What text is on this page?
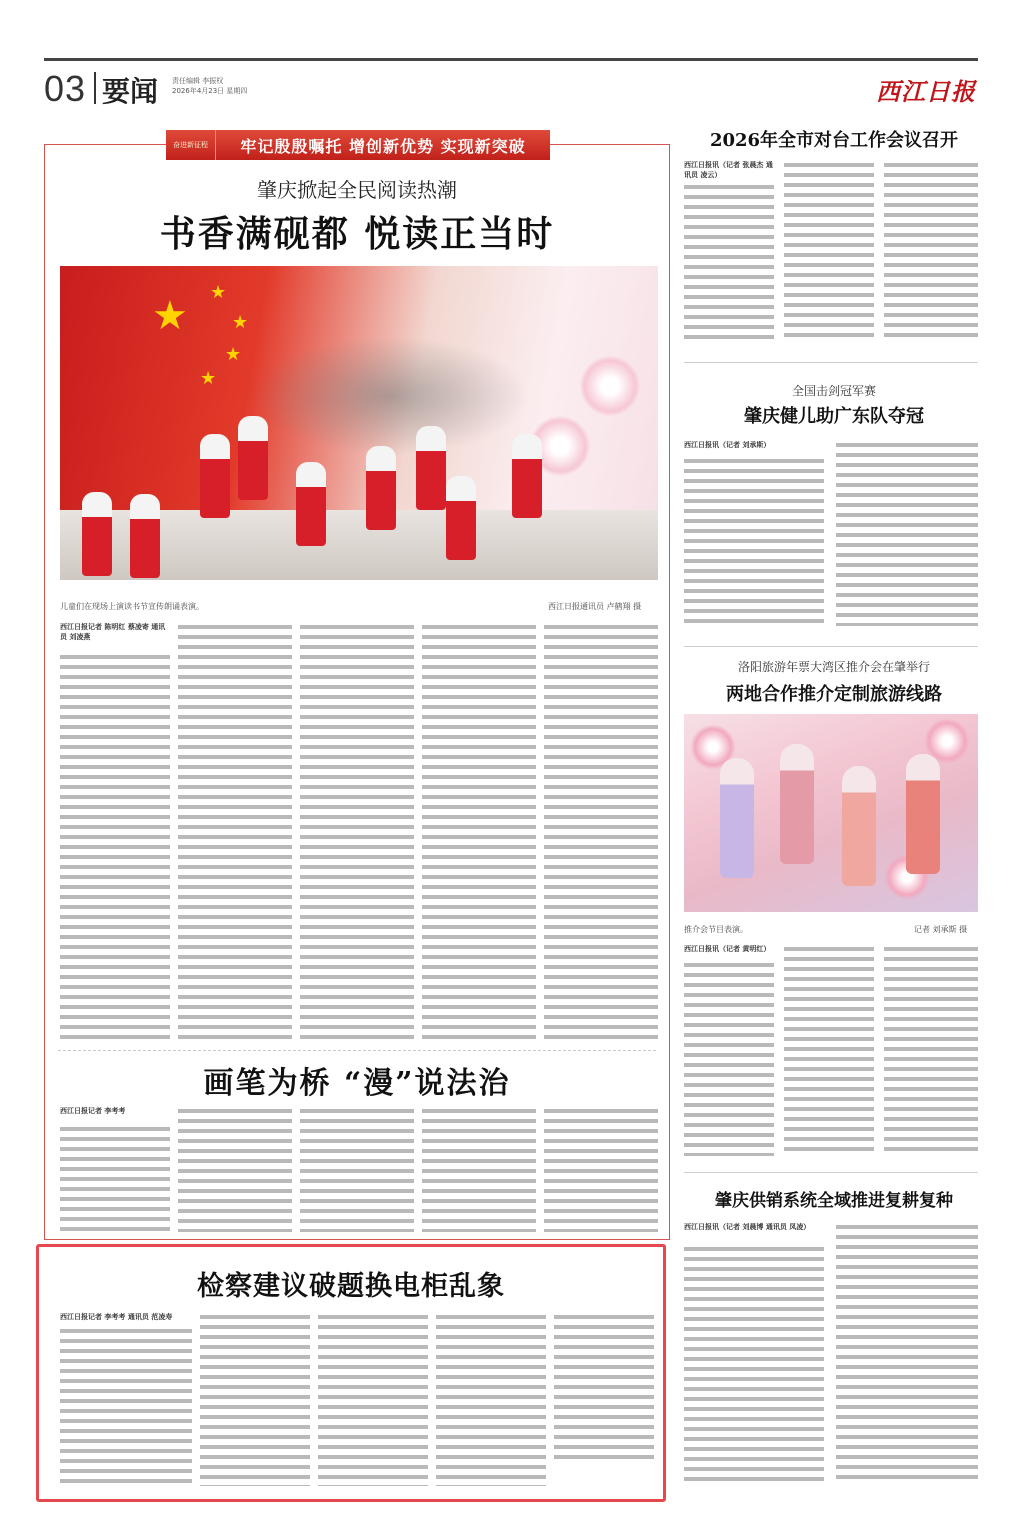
03 要闻 责任编辑 李振权
2026年4月23日 星期四	西江日报
奋进新征程	牢记殷殷嘱托 增创新优势 实现新突破
肇庆掀起全民阅读热潮
书香满砚都 悦读正当时
★
★
★
★
★
儿童们在现场上演读书节宣传朗诵表演。	西江日报通讯员 卢鹤翔 摄
西江日报记者 陈明红 蔡凌寄 通讯员 刘凌燕
画笔为桥 “漫”说法治
西江日报记者 李考考
检察建议破题换电柜乱象
西江日报记者 李考考 通讯员 范凌寿
2026年全市对台工作会议召开
西江日报讯（记者 张晨杰 通讯员 凌云）
全国击剑冠军赛
肇庆健儿助广东队夺冠
西江日报讯（记者 刘承斯）
洛阳旅游年票大湾区推介会在肇举行
两地合作推介定制旅游线路
推介会节目表演。	记者 刘承斯 摄
西江日报讯（记者 黄明红）
肇庆供销系统全域推进复耕复种
西江日报讯（记者 刘晨博 通讯员 凤凌）
